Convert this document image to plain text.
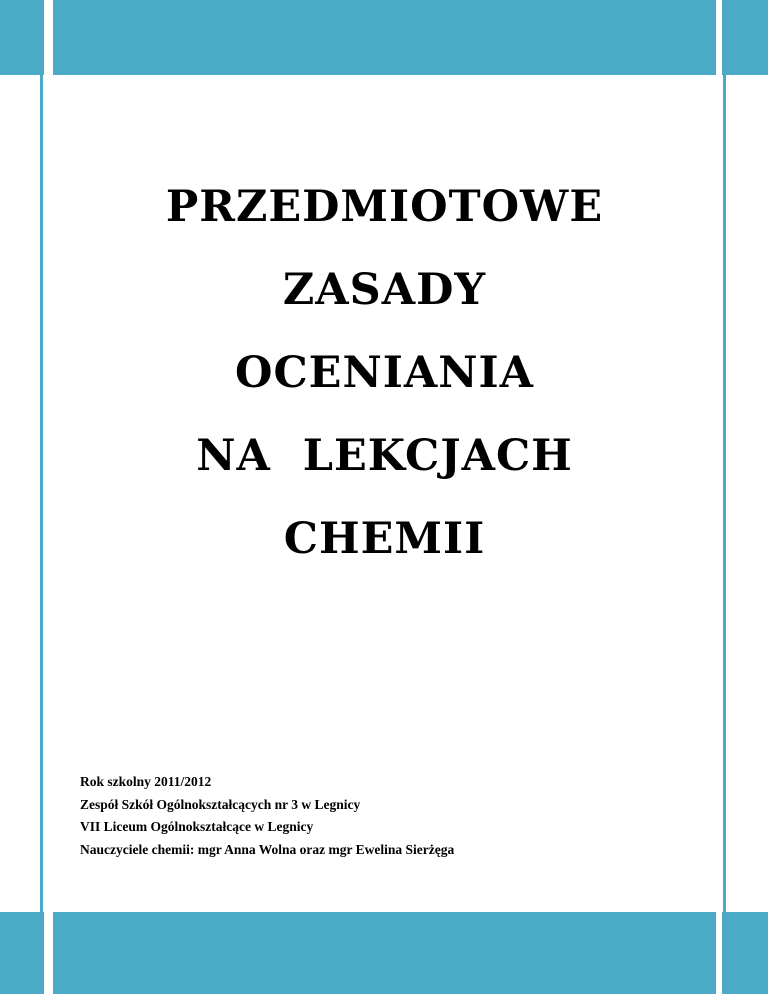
PRZEDMIOTOWE
ZASADY
OCENIANIA
NA  LEKCJACH
CHEMII
Rok szkolny 2011/2012
Zespół Szkół Ogólnokształcących nr 3 w Legnicy
VII Liceum Ogólnokształcące w Legnicy
Nauczyciele chemii: mgr Anna Wolna oraz mgr Ewelina Sierżęga
